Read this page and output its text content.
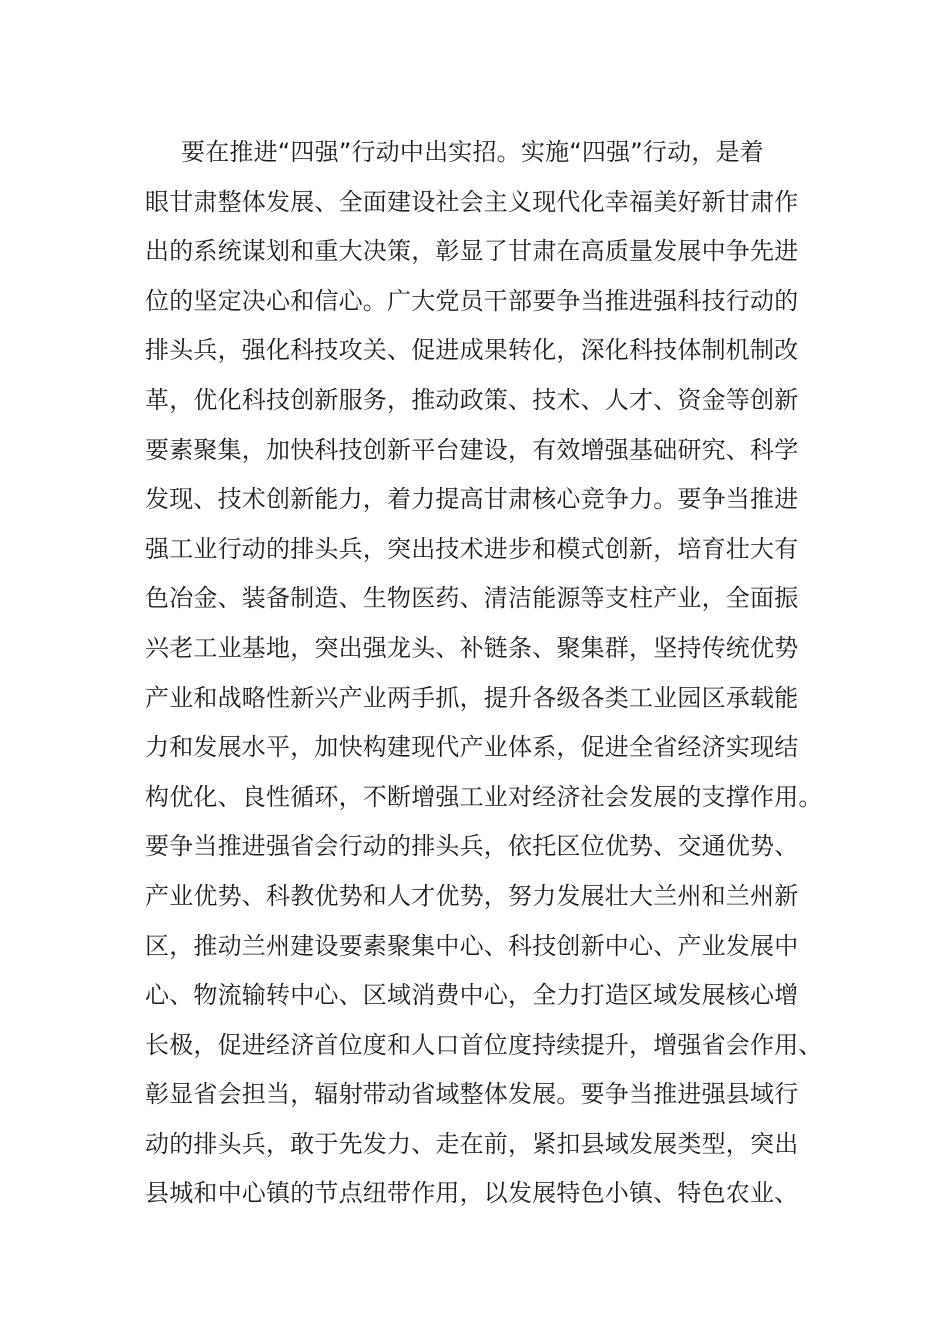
要在推进“四强”行动中出实招。实施“四强”行动，是着
眼甘肃整体发展、全面建设社会主义现代化幸福美好新甘肃作
出的系统谋划和重大决策，彰显了甘肃在高质量发展中争先进
位的坚定决心和信心。广大党员干部要争当推进强科技行动的
排头兵，强化科技攻关、促进成果转化，深化科技体制机制改
革，优化科技创新服务，推动政策、技术、人才、资金等创新
要素聚集，加快科技创新平台建设，有效增强基础研究、科学
发现、技术创新能力，着力提高甘肃核心竞争力。要争当推进
强工业行动的排头兵，突出技术进步和模式创新，培育壮大有
色冶金、装备制造、生物医药、清洁能源等支柱产业，全面振
兴老工业基地，突出强龙头、补链条、聚集群，坚持传统优势
产业和战略性新兴产业两手抓，提升各级各类工业园区承载能
力和发展水平，加快构建现代产业体系，促进全省经济实现结
构优化、良性循环，不断增强工业对经济社会发展的支撑作用。
要争当推进强省会行动的排头兵，依托区位优势、交通优势、
产业优势、科教优势和人才优势，努力发展壮大兰州和兰州新
区，推动兰州建设要素聚集中心、科技创新中心、产业发展中
心、物流输转中心、区域消费中心，全力打造区域发展核心增
长极，促进经济首位度和人口首位度持续提升，增强省会作用、
彰显省会担当，辐射带动省域整体发展。要争当推进强县域行
动的排头兵，敢于先发力、走在前，紧扣县域发展类型，突出
县城和中心镇的节点纽带作用，以发展特色小镇、特色农业、
